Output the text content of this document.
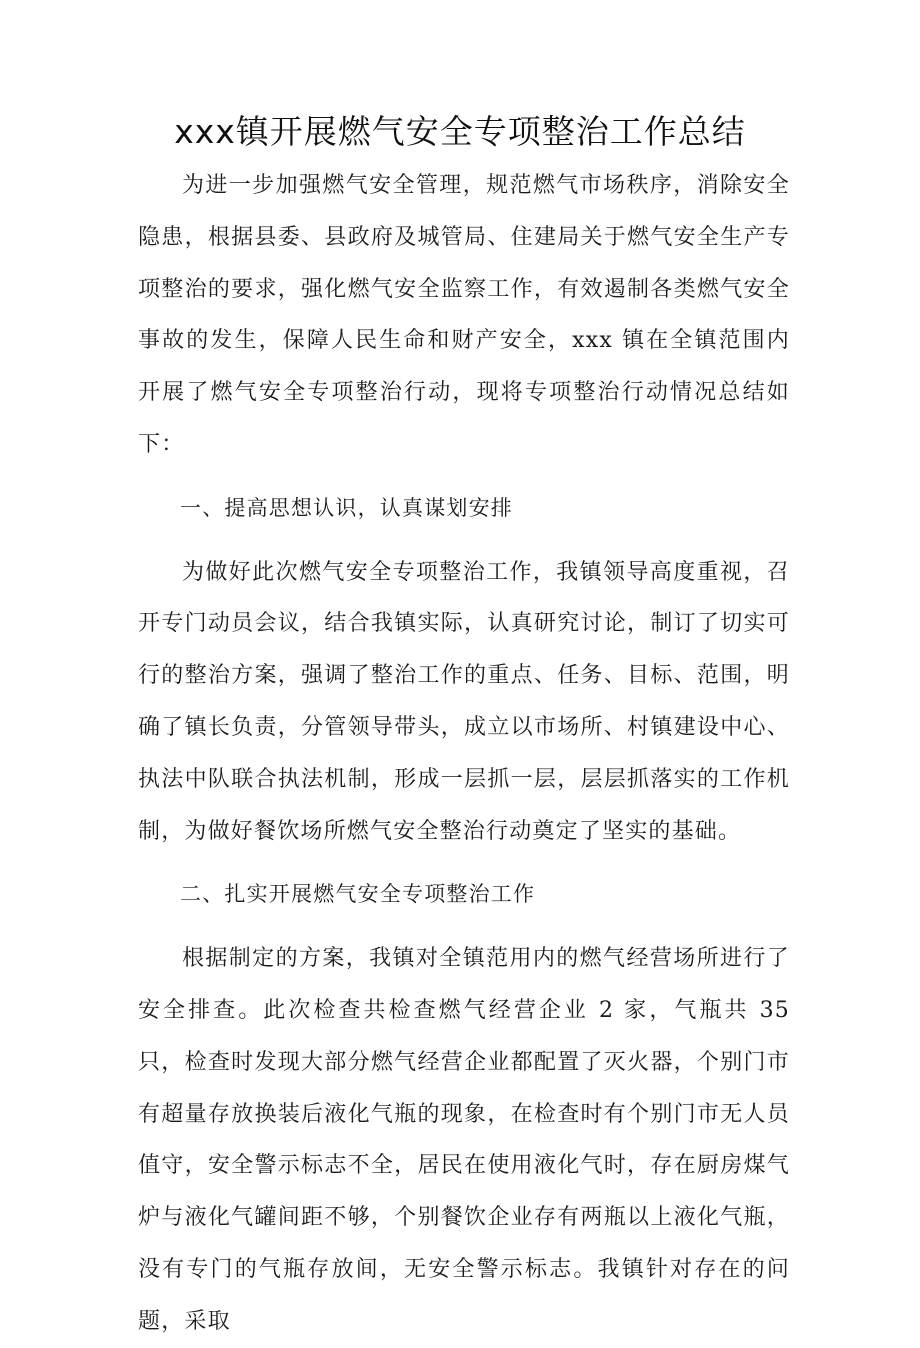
xxx镇开展燃气安全专项整治工作总结

为进一步加强燃气安全管理，规范燃气市场秩序，消除安全隐患，根据县委、县政府及城管局、住建局关于燃气安全生产专项整治的要求，强化燃气安全监察工作，有效遏制各类燃气安全事故的发生，保障人民生命和财产安全，xxx 镇在全镇范围内开展了燃气安全专项整治行动，现将专项整治行动情况总结如下：

一、提高思想认识，认真谋划安排

为做好此次燃气安全专项整治工作，我镇领导高度重视，召开专门动员会议，结合我镇实际，认真研究讨论，制订了切实可行的整治方案，强调了整治工作的重点、任务、目标、范围，明确了镇长负责，分管领导带头，成立以市场所、村镇建设中心、执法中队联合执法机制，形成一层抓一层，层层抓落实的工作机制，为做好餐饮场所燃气安全整治行动奠定了坚实的基础。

二、扎实开展燃气安全专项整治工作

根据制定的方案，我镇对全镇范用内的燃气经营场所进行了安全排查。此次检查共检查燃气经营企业 2 家，气瓶共 35 只，检查时发现大部分燃气经营企业都配置了灭火器，个别门市有超量存放换装后液化气瓶的现象，在检查时有个别门市无人员值守，安全警示标志不全，居民在使用液化气时，存在厨房煤气炉与液化气罐间距不够，个别餐饮企业存有两瓶以上液化气瓶，没有专门的气瓶存放间，无安全警示标志。我镇针对存在的问题，采取
